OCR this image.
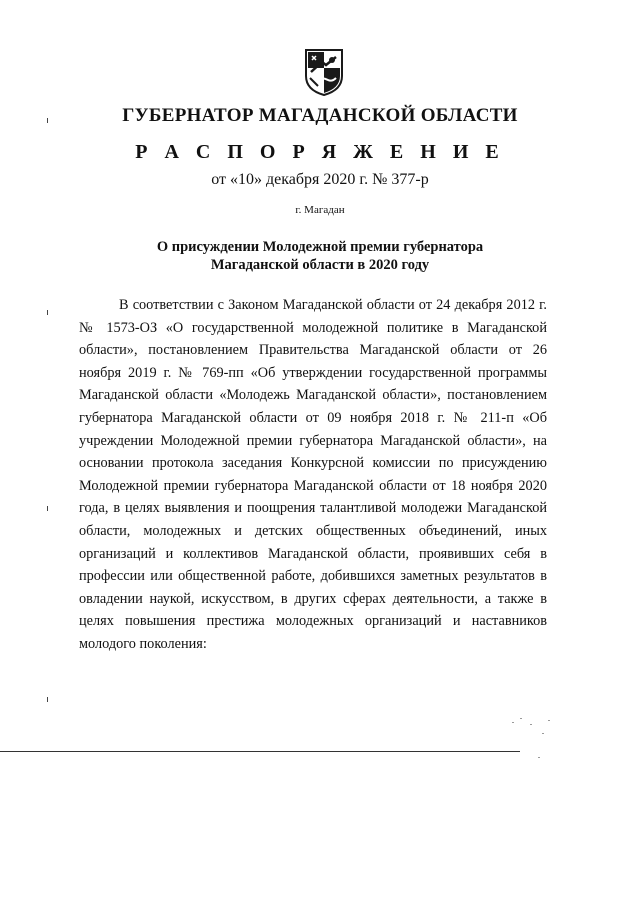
ГУБЕРНАТОР МАГАДАНСКОЙ ОБЛАСТИ
Р А С П О Р Я Ж Е Н И Е
от «10» декабря 2020 г. № 377-р
г. Магадан
О присуждении Молодежной премии губернатора
Магаданской области в 2020 году

В соответствии с Законом Магаданской области от 24 декабря 2012 г. № 1573-ОЗ «О государственной молодежной политике в Магаданской области», постановлением Правительства Магаданской области от 26 ноября 2019 г. № 769-пп «Об утверждении государственной программы Магаданской области «Молодежь Магаданской области», постановлением губернатора Магаданской области от 09 ноября 2018 г. № 211-п «Об учреждении Молодежной премии губернатора Магаданской области», на основании протокола заседания Конкурсной комиссии по присуждению Молодежной премии губернатора Магаданской области от 18 ноября 2020 года, в целях выявления и поощрения талантливой молодежи Магаданской области, молодежных и детских общественных объединений, иных организаций и коллективов Магаданской области, проявивших себя в профессии или общественной работе, добившихся заметных результатов в овладении наукой, искусством, в других сферах деятельности, а также в целях повышения престижа молодежных организаций и наставников молодого поколения:
